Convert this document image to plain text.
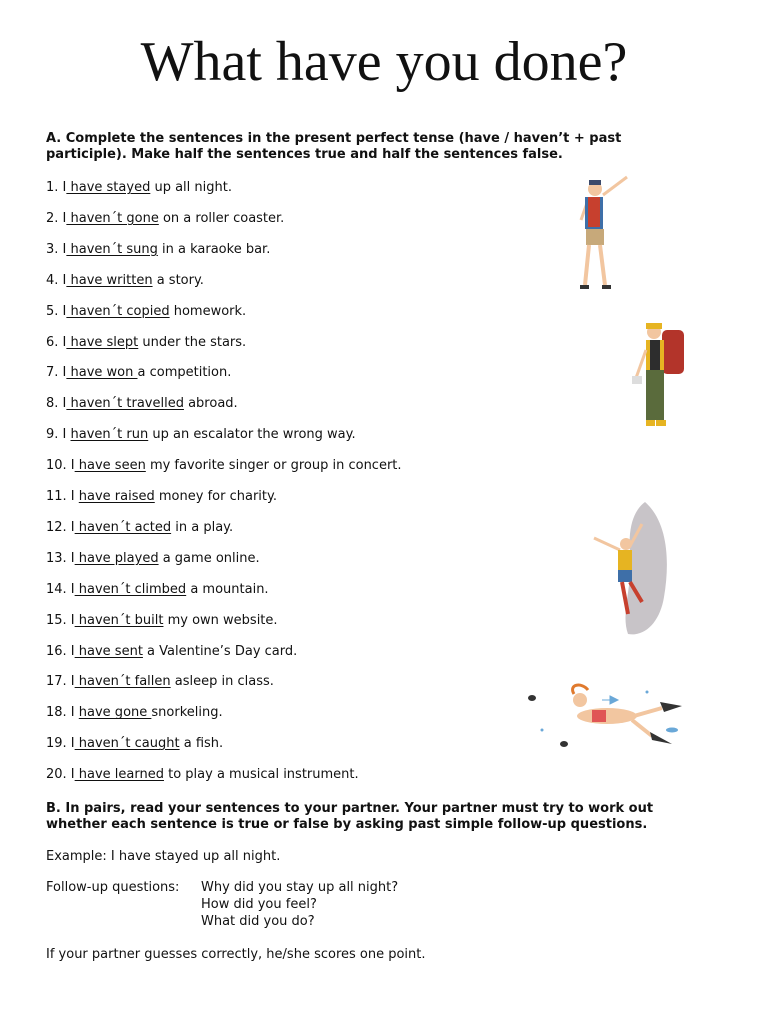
What have you done?

A. Complete the sentences in the present perfect tense (have / haven’t + past participle). Make half the sentences true and half the sentences false.

1. I have stayed up all night.
2. I haven´t gone on a roller coaster.
3. I haven´t sung in a karaoke bar.
4. I have written a story.
5. I haven´t copied homework.
6. I have slept under the stars.
7. I have won a competition.
8. I haven´t travelled abroad.
9. I haven´t run up an escalator the wrong way.
10. I have seen my favorite singer or group in concert.
11. I have raised money for charity.
12. I haven´t acted in a play.
13. I have played a game online.
14. I haven´t climbed a mountain.
15. I haven´t built my own website.
16. I have sent a Valentine’s Day card.
17. I haven´t fallen asleep in class.
18. I have gone snorkeling.
19. I haven´t caught a fish.
20. I have learned to play a musical instrument.

B. In pairs, read your sentences to your partner. Your partner must try to work out whether each sentence is true or false by asking past simple follow-up questions.

Example: I have stayed up all night.
Follow-up questions: Why did you stay up all night?
How did you feel?
What did you do?
If your partner guesses correctly, he/she scores one point.
